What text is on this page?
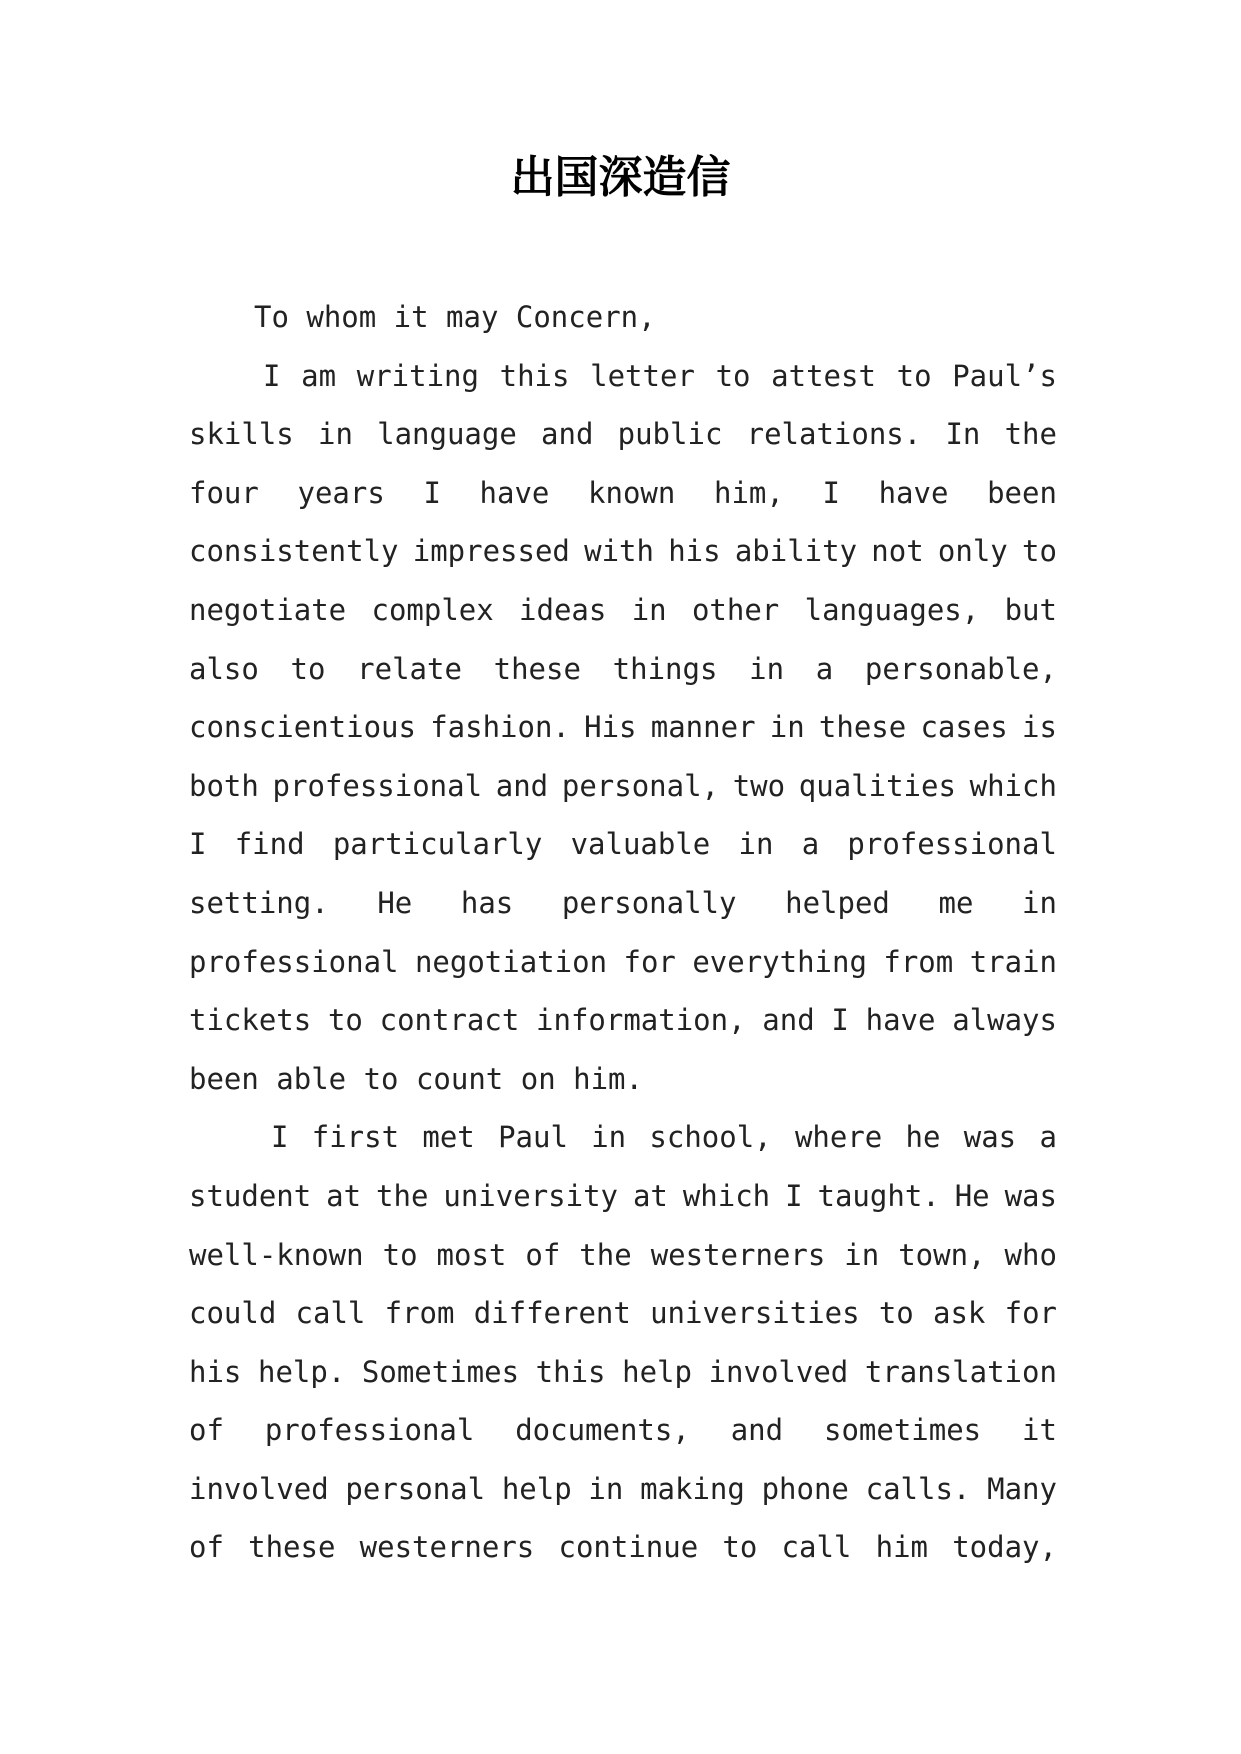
出国深造信
To whom it may Concern,
I am writing this letter to attest to Paul’s
skills in language and public relations. In the
four years I have known him, I have been
consistently impressed with his ability not only to
negotiate complex ideas in other languages, but
also to relate these things in a personable,
conscientious fashion. His manner in these cases is
both professional and personal, two qualities which
I find particularly valuable in a professional
setting. He has personally helped me in
professional negotiation for everything from train
tickets to contract information, and I have always
been able to count on him.
I first met Paul in school, where he was a
student at the university at which I taught. He was
well-known to most of the westerners in town, who
could call from different universities to ask for
his help. Sometimes this help involved translation
of professional documents, and sometimes it
involved personal help in making phone calls. Many
of these westerners continue to call him today,
